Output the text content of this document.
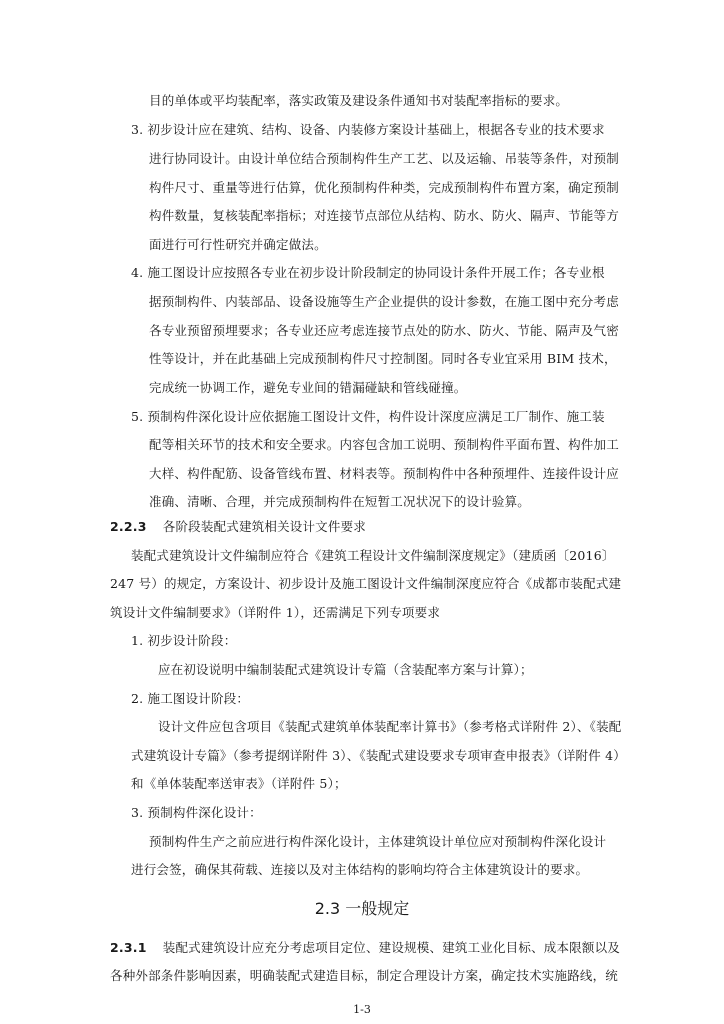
目的单体或平均装配率，落实政策及建设条件通知书对装配率指标的要求。
3. 初步设计应在建筑、结构、设备、内装修方案设计基础上，根据各专业的技术要求
进行协同设计。由设计单位结合预制构件生产工艺、以及运输、吊装等条件，对预制
构件尺寸、重量等进行估算，优化预制构件种类，完成预制构件布置方案，确定预制
构件数量，复核装配率指标；对连接节点部位从结构、防水、防火、隔声、节能等方
面进行可行性研究并确定做法。
4. 施工图设计应按照各专业在初步设计阶段制定的协同设计条件开展工作；各专业根
据预制构件、内装部品、设备设施等生产企业提供的设计参数，在施工图中充分考虑
各专业预留预埋要求；各专业还应考虑连接节点处的防水、防火、节能、隔声及气密
性等设计，并在此基础上完成预制构件尺寸控制图。同时各专业宜采用 BIM 技术，
完成统一协调工作，避免专业间的错漏碰缺和管线碰撞。
5. 预制构件深化设计应依据施工图设计文件，构件设计深度应满足工厂制作、施工装
配等相关环节的技术和安全要求。内容包含加工说明、预制构件平面布置、构件加工
大样、构件配筋、设备管线布置、材料表等。预制构件中各种预埋件、连接件设计应
准确、清晰、合理，并完成预制构件在短暂工况状况下的设计验算。
2.2.3 各阶段装配式建筑相关设计文件要求
装配式建筑设计文件编制应符合《建筑工程设计文件编制深度规定》（建质函〔2016〕
247 号）的规定，方案设计、初步设计及施工图设计文件编制深度应符合《成都市装配式建
筑设计文件编制要求》（详附件 1），还需满足下列专项要求
1. 初步设计阶段：
应在初设说明中编制装配式建筑设计专篇（含装配率方案与计算）；
2. 施工图设计阶段：
设计文件应包含项目《装配式建筑单体装配率计算书》（参考格式详附件 2）、《装配
式建筑设计专篇》（参考提纲详附件 3）、《装配式建设要求专项审查申报表》（详附件 4）
和《单体装配率送审表》（详附件 5）；
3. 预制构件深化设计：
预制构件生产之前应进行构件深化设计，主体建筑设计单位应对预制构件深化设计
进行会签，确保其荷载、连接以及对主体结构的影响均符合主体建筑设计的要求。
2.3 一般规定
2.3.1 装配式建筑设计应充分考虑项目定位、建设规模、建筑工业化目标、成本限额以及
各种外部条件影响因素，明确装配式建造目标，制定合理设计方案，确定技术实施路线，统
1-3
